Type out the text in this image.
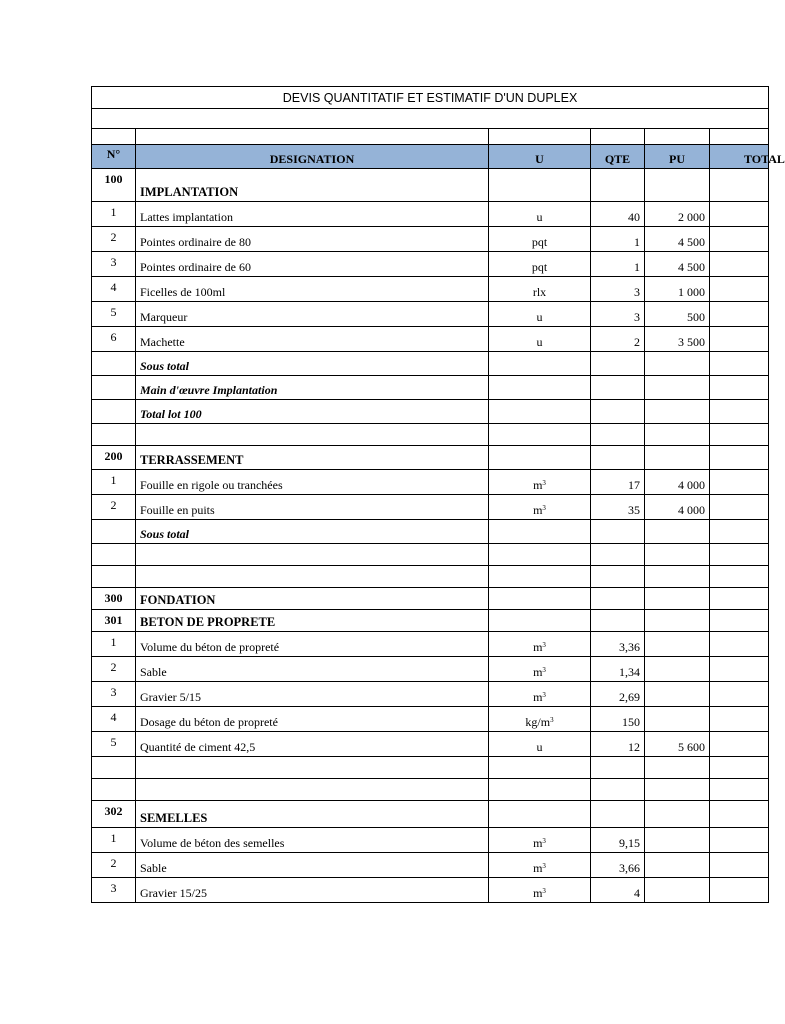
DEVIS QUANTITATIF ET ESTIMATIF D'UN DUPLEX					

N°	DESIGNATION	U	QTE	PU	TOTAL
100	IMPLANTATION				
1	Lattes implantation	u	40	2 000	
2	Pointes ordinaire de 80	pqt	1	4 500	
3	Pointes ordinaire de 60	pqt	1	4 500	
4	Ficelles de 100ml	rlx	3	1 000	
5	Marqueur	u	3	500	
6	Machette	u	2	3 500	
	Sous total				
	Main d'œuvre Implantation				
	Total lot 100				

200	TERRASSEMENT				
1	Fouille en rigole ou tranchées	$m^3$	17	4 000	
2	Fouille en puits	$m^3$	35	4 000	
	Sous total				

300	FONDATION				
301	BETON DE PROPRETE				
1	Volume du béton de propreté	$m^3$	3,36		
2	Sable	$m^3$	1,34		
3	Gravier 5/15	$m^3$	2,69		
4	Dosage du béton de propreté	$kg/m^3$	150		
5	Quantité de ciment 42,5	u	12	5 600	

302	SEMELLES				
1	Volume de béton des semelles	$m^3$	9,15		
2	Sable	$m^3$	3,66		
3	Gravier 15/25	$m^3$	4		
